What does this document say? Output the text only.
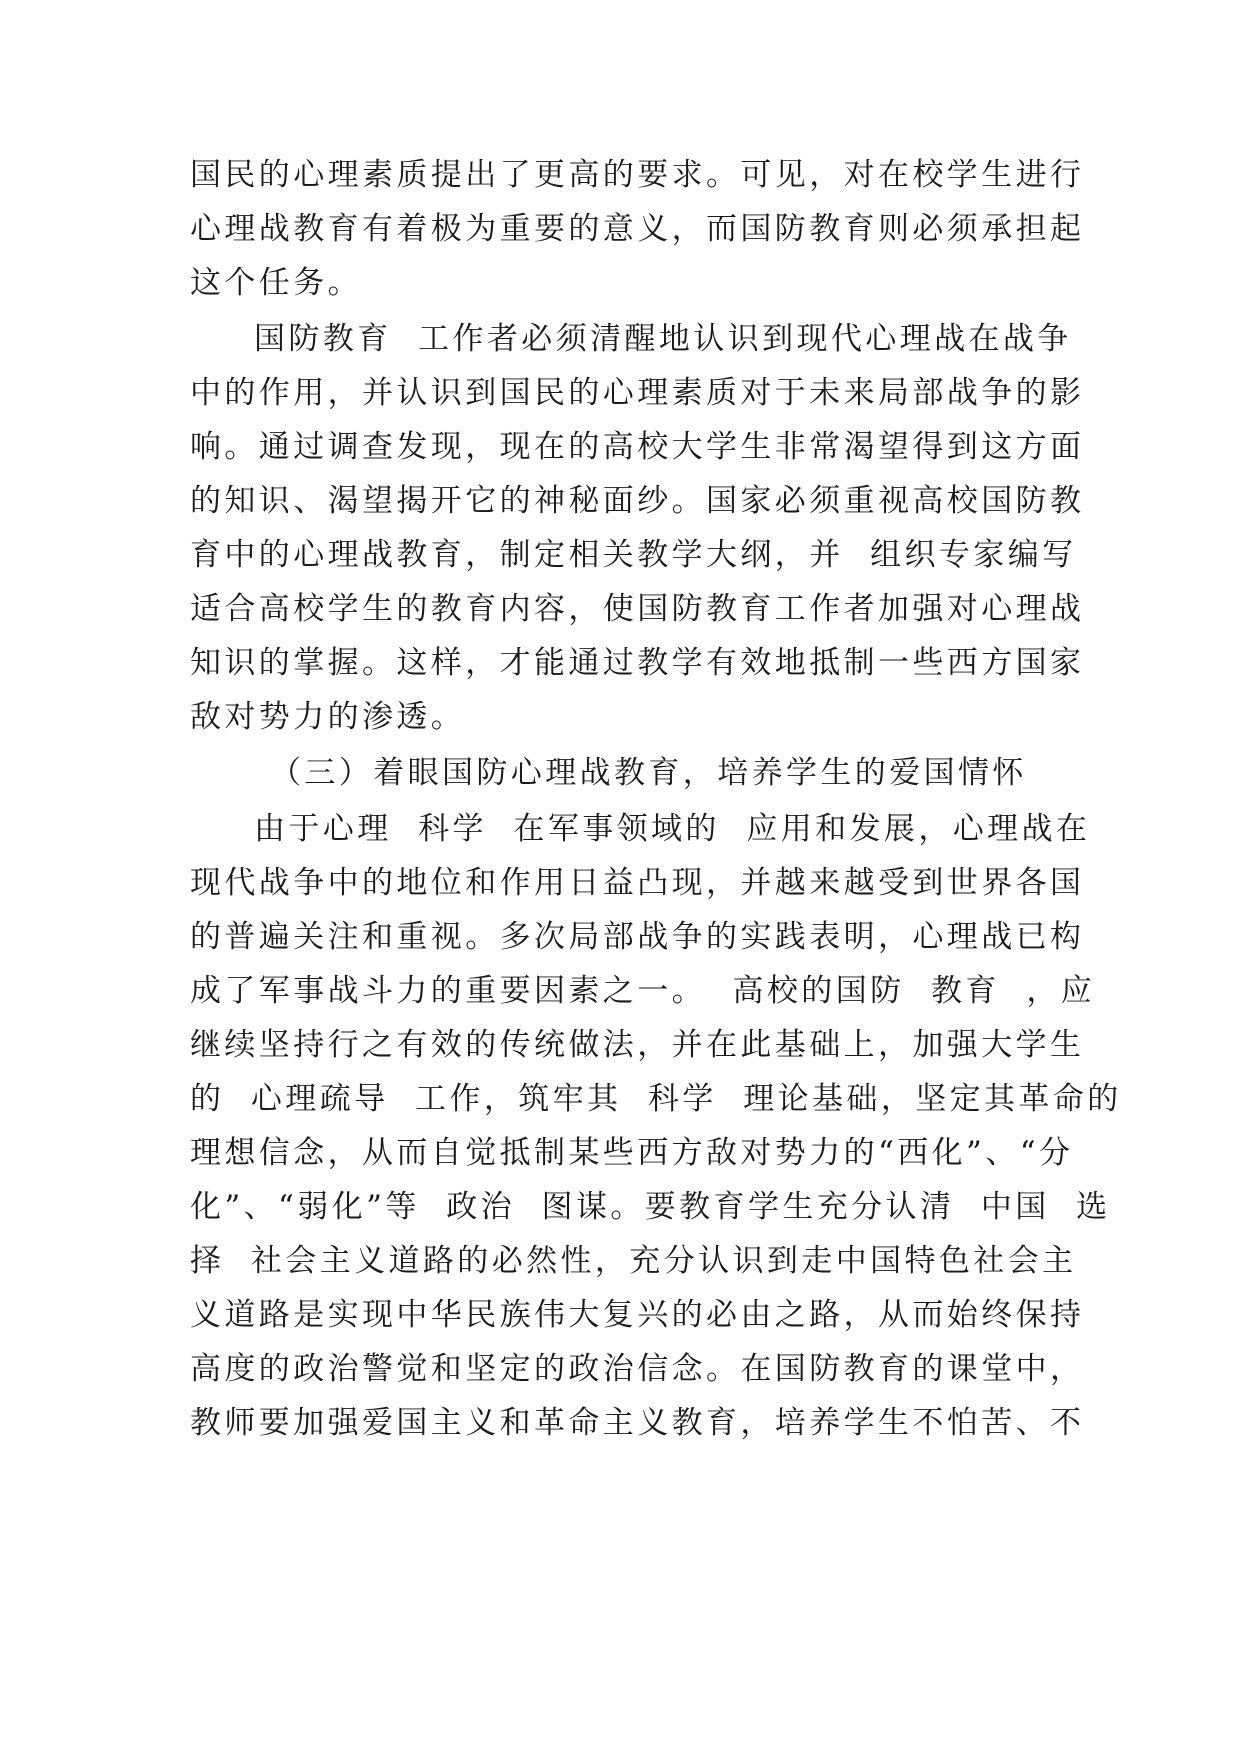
国民的心理素质提出了更高的要求。可见，对在校学生进行
心理战教育有着极为重要的意义，而国防教育则必须承担起
这个任务。
国防教育  工作者必须清醒地认识到现代心理战在战争
中的作用，并认识到国民的心理素质对于未来局部战争的影
响。通过调查发现，现在的高校大学生非常渴望得到这方面
的知识、渴望揭开它的神秘面纱。国家必须重视高校国防教
育中的心理战教育，制定相关教学大纲，并  组织专家编写
适合高校学生的教育内容，使国防教育工作者加强对心理战
知识的掌握。这样，才能通过教学有效地抵制一些西方国家
敌对势力的渗透。
（三）着眼国防心理战教育，培养学生的爱国情怀
由于心理  科学  在军事领域的  应用和发展，心理战在
现代战争中的地位和作用日益凸现，并越来越受到世界各国
的普遍关注和重视。多次局部战争的实践表明，心理战已构
成了军事战斗力的重要因素之一。  高校的国防  教育  ，应
继续坚持行之有效的传统做法，并在此基础上，加强大学生
的  心理疏导  工作，筑牢其  科学  理论基础，坚定其革命的
理想信念，从而自觉抵制某些西方敌对势力的“西化”、“分
化”、“弱化”等  政治  图谋。要教育学生充分认清  中国  选
择  社会主义道路的必然性，充分认识到走中国特色社会主
义道路是实现中华民族伟大复兴的必由之路，从而始终保持
高度的政治警觉和坚定的政治信念。在国防教育的课堂中，
教师要加强爱国主义和革命主义教育，培养学生不怕苦、不
